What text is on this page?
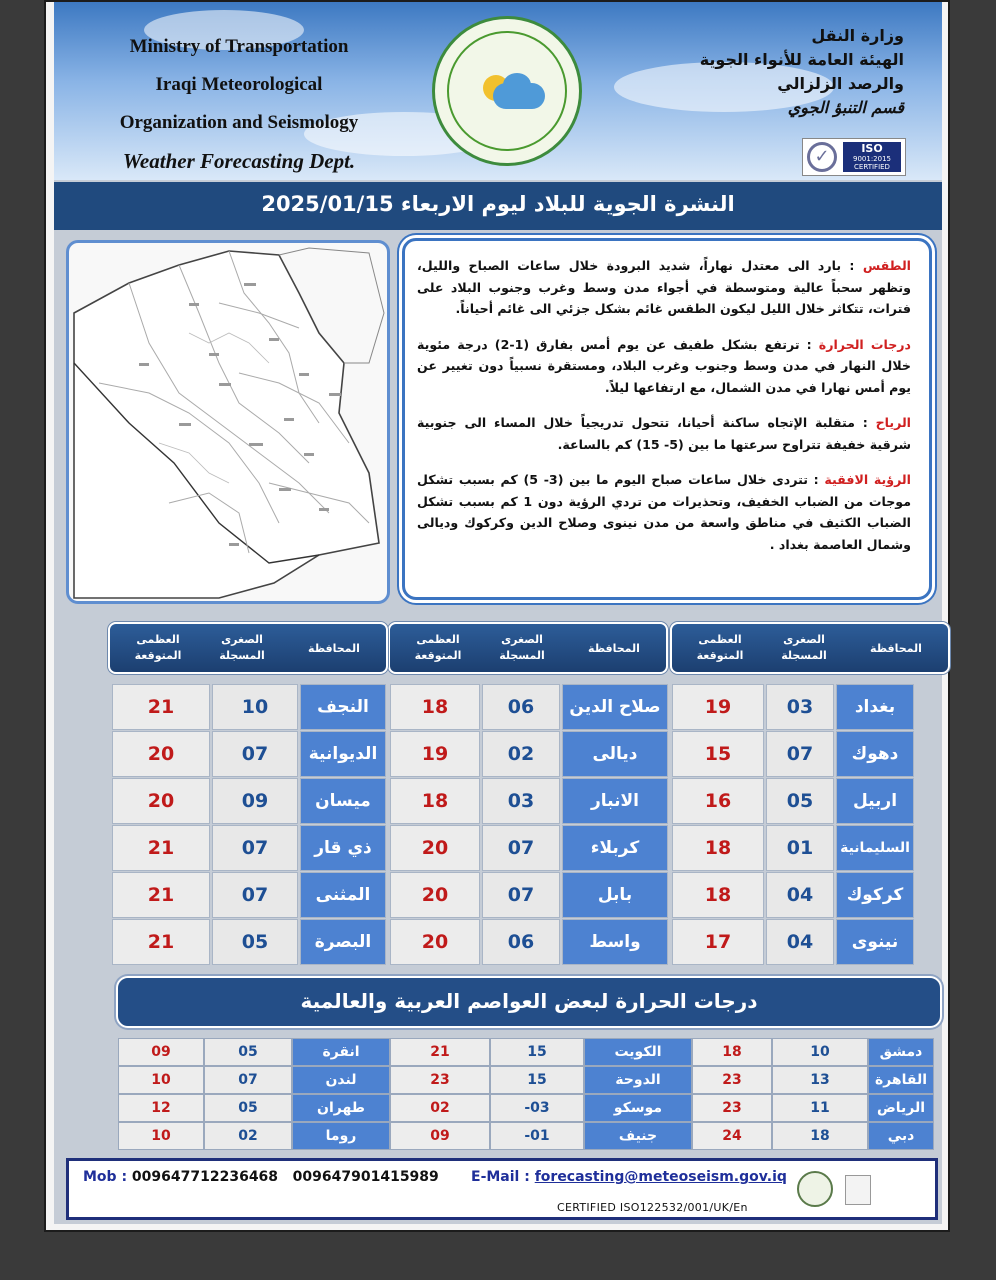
Ministry of Transportation
Iraqi Meteorological
Organization and Seismology
Weather Forecasting Dept.
وزارة النقل
الهيئة العامة للأنواء الجوية
والرصد الزلزالي
قسم التنبؤ الجوي
✓	ISO
9001:2015
CERTIFIED
النشرة الجوية للبلاد ليوم الاربعاء 2025/01/15

الطقس : بارد الى معتدل نهاراً، شديد البرودة خلال ساعات الصباح والليل، وتظهر سحباً عالية ومتوسطة في أجواء مدن وسط وغرب وجنوب البلاد على فترات، تتكاثر خلال الليل ليكون الطقس غائم بشكل جزئي الى غائم أحياناً.

درجات الحرارة : ترتفع بشكل طفيف عن يوم أمس بفارق (1-2) درجة مئوية خلال النهار في مدن وسط وجنوب وغرب البلاد، ومستقرة نسبياً دون تغيير عن يوم أمس نهارا في مدن الشمال، مع ارتفاعها ليلاً.

الرياح : متقلبة الإتجاه ساكنة أحيانا، تتحول تدريجياً خلال المساء الى جنوبية شرقية خفيفة تتراوح سرعتها ما بين (5- 15) كم بالساعة.

الرؤية الافقية : تتردى خلال ساعات صباح اليوم ما بين (3- 5) كم بسبب تشكل موجات من الضباب الخفيف، وتحذيرات من تردي الرؤية دون 1 كم بسبب تشكل الضباب الكثيف في مناطق واسعة من مدن نينوى وصلاح الدين وكركوك وديالى وشمال العاصمة بغداد .

المحافظة
الصغرى
المسجلة
العظمى
المتوقعة
المحافظة
الصغرى
المسجلة
العظمى
المتوقعة
المحافظة
الصغرى
المسجلة
العظمى
المتوقعة
بغداد
03
19
دهوك
07
15
اربيل
05
16
السليمانية
01
18
كركوك
04
18
نينوى
04
17
صلاح الدين
06
18
ديالى
02
19
الانبار
03
18
كربلاء
07
20
بابل
07
20
واسط
06
20
النجف
10
21
الديوانية
07
20
ميسان
09
20
ذي قار
07
21
المثنى
07
21
البصرة
05
21
درجات الحرارة لبعض العواصم العربية والعالمية
دمشق
10
18
القاهرة
13
23
الرياض
11
23
دبي
18
24
الكويت
15
21
الدوحة
15
23
موسكو
-03
02
جنيف
-01
09
انقرة
05
09
لندن
07
10
طهران
05
12
روما
02
10
Mob : 009647712236468   009647901415989 E-Mail : forecasting@meteoseism.gov.iq
CERTIFIED ISO122532/001/UK/En
